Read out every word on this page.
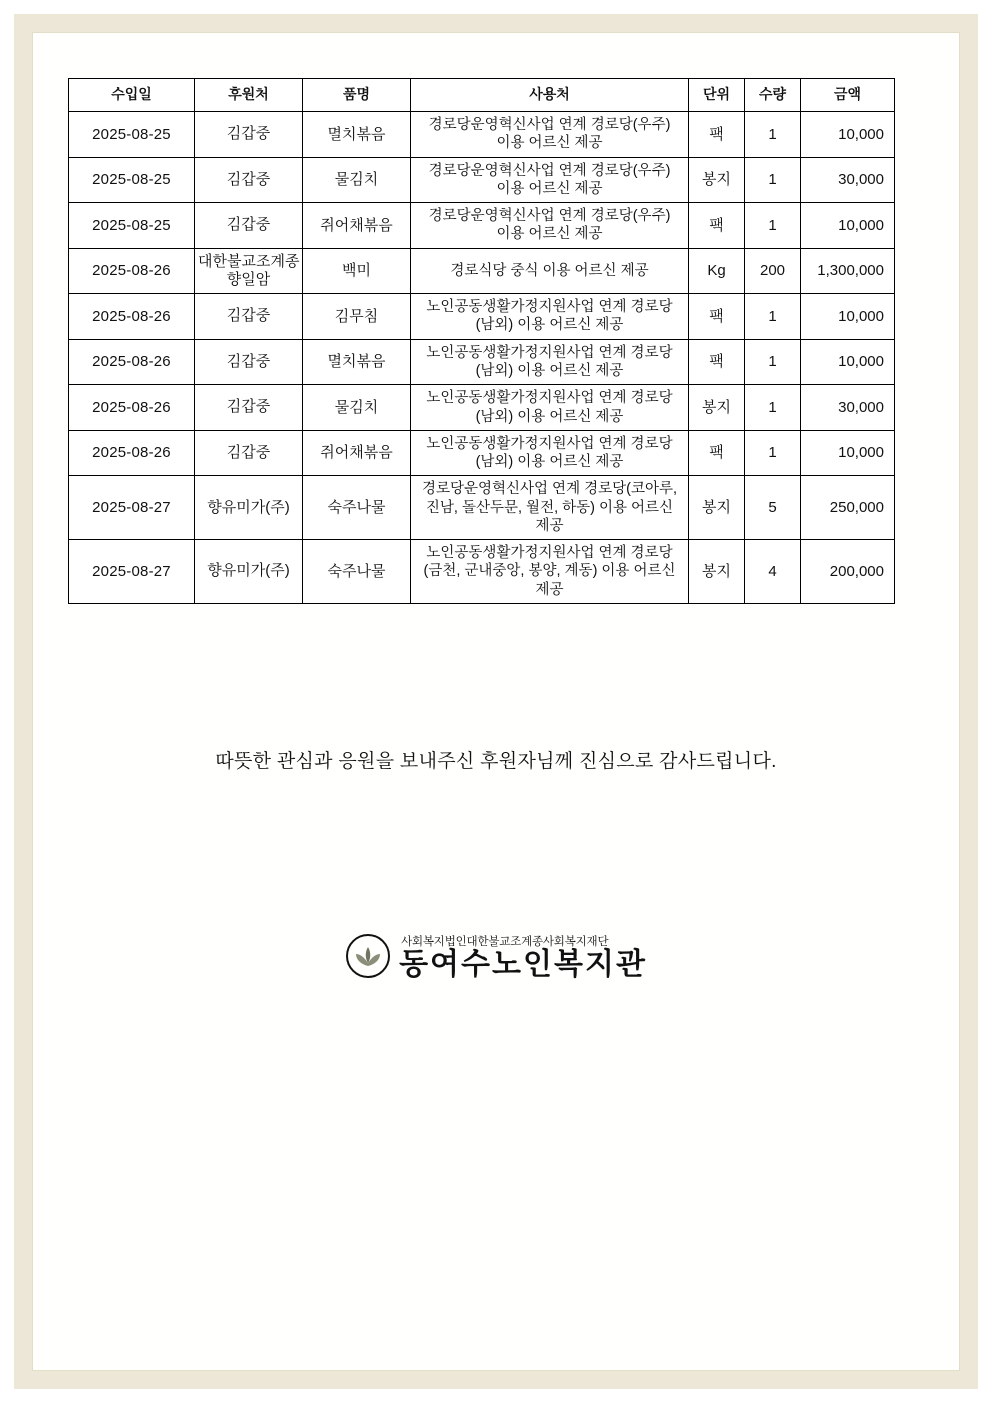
수입일	후원처	품명	사용처	단위	수량	금액
2025-08-25	김갑중	멸치볶음	경로당운영혁신사업 연계 경로당(우주) 이용 어르신 제공	팩	1	10,000
2025-08-25	김갑중	물김치	경로당운영혁신사업 연계 경로당(우주) 이용 어르신 제공	봉지	1	30,000
2025-08-25	김갑중	쥐어채볶음	경로당운영혁신사업 연계 경로당(우주) 이용 어르신 제공	팩	1	10,000
2025-08-26	대한불교조계종 향일암	백미	경로식당 중식 이용 어르신 제공	Kg	200	1,300,000
2025-08-26	김갑중	김무침	노인공동생활가정지원사업 연계 경로당(남외) 이용 어르신 제공	팩	1	10,000
2025-08-26	김갑중	멸치볶음	노인공동생활가정지원사업 연계 경로당(남외) 이용 어르신 제공	팩	1	10,000
2025-08-26	김갑중	물김치	노인공동생활가정지원사업 연계 경로당(남외) 이용 어르신 제공	봉지	1	30,000
2025-08-26	김갑중	쥐어채볶음	노인공동생활가정지원사업 연계 경로당(남외) 이용 어르신 제공	팩	1	10,000
2025-08-27	향유미가(주)	숙주나물	경로당운영혁신사업 연계 경로당(코아루, 진남, 돌산두문, 월전, 하동) 이용 어르신 제공	봉지	5	250,000
2025-08-27	향유미가(주)	숙주나물	노인공동생활가정지원사업 연계 경로당(금천, 군내중앙, 봉양, 계동) 이용 어르신 제공	봉지	4	200,000
따뜻한 관심과 응원을 보내주신 후원자님께 진심으로 감사드립니다.
사회복지법인대한불교조계종사회복지재단
동여수노인복지관
